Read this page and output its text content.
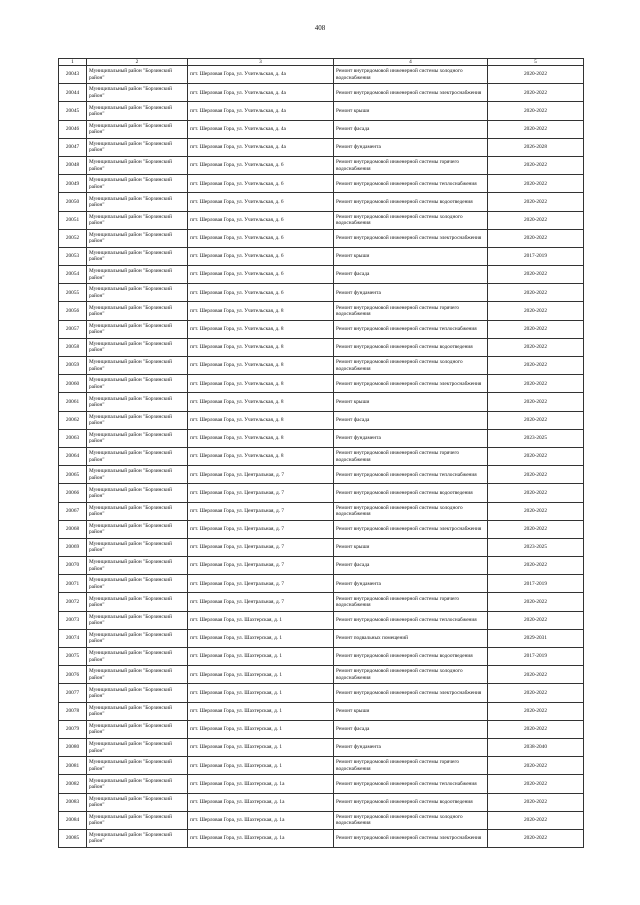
408
1	2	3	4	5
20043	Муниципальный район "Борзинский район"	пгт. Шерловая Гора, ул. Учительская, д. 4а	Ремонт внутридомовой инженерной системы холодного водоснабжения	2020-2022
20044	Муниципальный район "Борзинский район"	пгт. Шерловая Гора, ул. Учительская, д. 4а	Ремонт внутридомовой инженерной системы электроснабжения	2020-2022
20045	Муниципальный район "Борзинский район"	пгт. Шерловая Гора, ул. Учительская, д. 4а	Ремонт крыши	2020-2022
20046	Муниципальный район "Борзинский район"	пгт. Шерловая Гора, ул. Учительская, д. 4а	Ремонт фасада	2020-2022
20047	Муниципальный район "Борзинский район"	пгт. Шерловая Гора, ул. Учительская, д. 4а	Ремонт фундамента	2026-2028
20048	Муниципальный район "Борзинский район"	пгт. Шерловая Гора, ул. Учительская, д. 6	Ремонт внутридомовой инженерной системы горячего водоснабжения	2020-2022
20049	Муниципальный район "Борзинский район"	пгт. Шерловая Гора, ул. Учительская, д. 6	Ремонт внутридомовой инженерной системы теплоснабжения	2020-2022
20050	Муниципальный район "Борзинский район"	пгт. Шерловая Гора, ул. Учительская, д. 6	Ремонт внутридомовой инженерной системы водоотведения	2020-2022
20051	Муниципальный район "Борзинский район"	пгт. Шерловая Гора, ул. Учительская, д. 6	Ремонт внутридомовой инженерной системы холодного водоснабжения	2020-2022
20052	Муниципальный район "Борзинский район"	пгт. Шерловая Гора, ул. Учительская, д. 6	Ремонт внутридомовой инженерной системы электроснабжения	2020-2022
20053	Муниципальный район "Борзинский район"	пгт. Шерловая Гора, ул. Учительская, д. 6	Ремонт крыши	2017-2019
20054	Муниципальный район "Борзинский район"	пгт. Шерловая Гора, ул. Учительская, д. 6	Ремонт фасада	2020-2022
20055	Муниципальный район "Борзинский район"	пгт. Шерловая Гора, ул. Учительская, д. 6	Ремонт фундамента	2020-2022
20056	Муниципальный район "Борзинский район"	пгт. Шерловая Гора, ул. Учительская, д. 8	Ремонт внутридомовой инженерной системы горячего водоснабжения	2020-2022
20057	Муниципальный район "Борзинский район"	пгт. Шерловая Гора, ул. Учительская, д. 8	Ремонт внутридомовой инженерной системы теплоснабжения	2020-2022
20058	Муниципальный район "Борзинский район"	пгт. Шерловая Гора, ул. Учительская, д. 8	Ремонт внутридомовой инженерной системы водоотведения	2020-2022
20059	Муниципальный район "Борзинский район"	пгт. Шерловая Гора, ул. Учительская, д. 8	Ремонт внутридомовой инженерной системы холодного водоснабжения	2020-2022
20060	Муниципальный район "Борзинский район"	пгт. Шерловая Гора, ул. Учительская, д. 8	Ремонт внутридомовой инженерной системы электроснабжения	2020-2022
20061	Муниципальный район "Борзинский район"	пгт. Шерловая Гора, ул. Учительская, д. 8	Ремонт крыши	2020-2022
20062	Муниципальный район "Борзинский район"	пгт. Шерловая Гора, ул. Учительская, д. 8	Ремонт фасада	2020-2022
20063	Муниципальный район "Борзинский район"	пгт. Шерловая Гора, ул. Учительская, д. 8	Ремонт фундамента	2023-2025
20064	Муниципальный район "Борзинский район"	пгт. Шерловая Гора, ул. Учительская, д. 8	Ремонт внутридомовой инженерной системы горячего водоснабжения	2020-2022
20065	Муниципальный район "Борзинский район"	пгт. Шерловая Гора, ул. Центральная, д. 7	Ремонт внутридомовой инженерной системы теплоснабжения	2020-2022
20066	Муниципальный район "Борзинский район"	пгт. Шерловая Гора, ул. Центральная, д. 7	Ремонт внутридомовой инженерной системы водоотведения	2020-2022
20067	Муниципальный район "Борзинский район"	пгт. Шерловая Гора, ул. Центральная, д. 7	Ремонт внутридомовой инженерной системы холодного водоснабжения	2020-2022
20068	Муниципальный район "Борзинский район"	пгт. Шерловая Гора, ул. Центральная, д. 7	Ремонт внутридомовой инженерной системы электроснабжения	2020-2022
20069	Муниципальный район "Борзинский район"	пгт. Шерловая Гора, ул. Центральная, д. 7	Ремонт крыши	2023-2025
20070	Муниципальный район "Борзинский район"	пгт. Шерловая Гора, ул. Центральная, д. 7	Ремонт фасада	2020-2022
20071	Муниципальный район "Борзинский район"	пгт. Шерловая Гора, ул. Центральная, д. 7	Ремонт фундамента	2017-2019
20072	Муниципальный район "Борзинский район"	пгт. Шерловая Гора, ул. Центральная, д. 7	Ремонт внутридомовой инженерной системы горячего водоснабжения	2020-2022
20073	Муниципальный район "Борзинский район"	пгт. Шерловая Гора, ул. Шахтерская, д. 1	Ремонт внутридомовой инженерной системы теплоснабжения	2020-2022
20074	Муниципальный район "Борзинский район"	пгт. Шерловая Гора, ул. Шахтерская, д. 1	Ремонт подвальных помещений	2029-2031
20075	Муниципальный район "Борзинский район"	пгт. Шерловая Гора, ул. Шахтерская, д. 1	Ремонт внутридомовой инженерной системы водоотведения	2017-2019
20076	Муниципальный район "Борзинский район"	пгт. Шерловая Гора, ул. Шахтерская, д. 1	Ремонт внутридомовой инженерной системы холодного водоснабжения	2020-2022
20077	Муниципальный район "Борзинский район"	пгт. Шерловая Гора, ул. Шахтерская, д. 1	Ремонт внутридомовой инженерной системы электроснабжения	2020-2022
20078	Муниципальный район "Борзинский район"	пгт. Шерловая Гора, ул. Шахтерская, д. 1	Ремонт крыши	2020-2022
20079	Муниципальный район "Борзинский район"	пгт. Шерловая Гора, ул. Шахтерская, д. 1	Ремонт фасада	2020-2022
20080	Муниципальный район "Борзинский район"	пгт. Шерловая Гора, ул. Шахтерская, д. 1	Ремонт фундамента	2038-2040
20081	Муниципальный район "Борзинский район"	пгт. Шерловая Гора, ул. Шахтерская, д. 1	Ремонт внутридомовой инженерной системы горячего водоснабжения	2020-2022
20082	Муниципальный район "Борзинский район"	пгт. Шерловая Гора, ул. Шахтерская, д. 1а	Ремонт внутридомовой инженерной системы теплоснабжения	2020-2022
20083	Муниципальный район "Борзинский район"	пгт. Шерловая Гора, ул. Шахтерская, д. 1а	Ремонт внутридомовой инженерной системы водоотведения	2020-2022
20084	Муниципальный район "Борзинский район"	пгт. Шерловая Гора, ул. Шахтерская, д. 1а	Ремонт внутридомовой инженерной системы холодного водоснабжения	2020-2022
20085	Муниципальный район "Борзинский район"	пгт. Шерловая Гора, ул. Шахтерская, д. 1а	Ремонт внутридомовой инженерной системы электроснабжения	2020-2022
